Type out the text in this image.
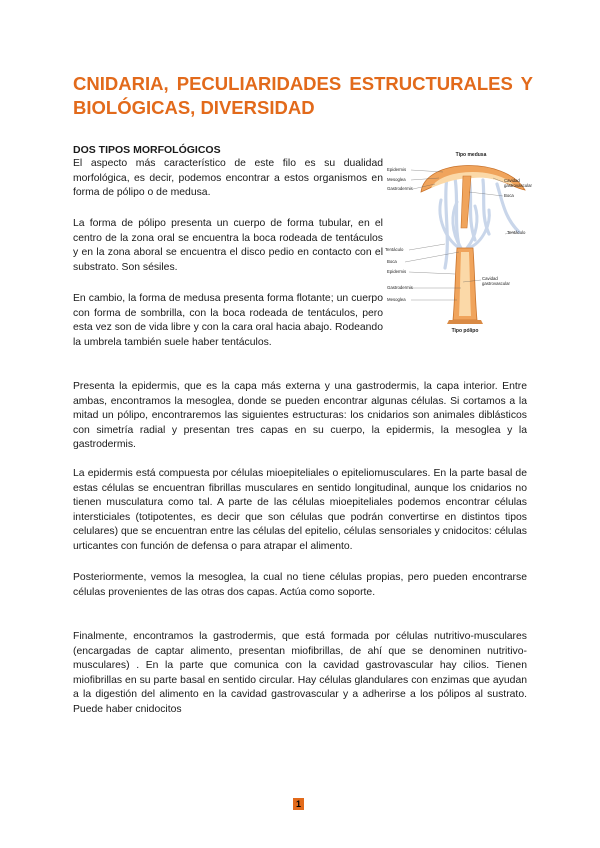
CNIDARIA, PECULIARIDADES ESTRUCTURALES Y BIOLÓGICAS, DIVERSIDAD
DOS TIPOS MORFOLÓGICOS

El aspecto más característico de este filo es su dualidad morfológica, es decir, podemos encontrar a estos organismos en forma de pólipo o de medusa.

La forma de pólipo presenta un cuerpo de forma tubular, en el centro de la zona oral se encuentra la boca rodeada de tentáculos y en la zona aboral se encuentra el disco pedio en contacto con el substrato. Son sésiles.

En cambio, la forma de medusa presenta forma flotante; un cuerpo con forma de sombrilla, con la boca rodeada de tentáculos, pero esta vez son de vida libre y con la cara oral hacia abajo. Rodeando la umbrela también suele haber tentáculos.

Presenta la epidermis, que es la capa más externa y una gastrodermis, la capa interior. Entre ambas, encontramos la mesoglea, donde se pueden encontrar algunas células. Si cortamos a la mitad un pólipo, encontraremos las siguientes estructuras: los cnidarios son animales diblásticos con simetría radial y presentan tres capas en su cuerpo, la epidermis, la mesoglea y la gastrodermis.

La epidermis está compuesta por células mioepiteliales o epiteliomusculares. En la parte basal de estas células se encuentran fibrillas musculares en sentido longitudinal, aunque los cnidarios no tienen musculatura como tal. A parte de las células mioepiteliales podemos encontrar células intersticiales (totipotentes, es decir que son células que podrán convertirse en distintos tipos celulares) que se encuentran entre las células del epitelio, células sensoriales y cnidocitos: células urticantes con función de defensa o para atrapar el alimento.

Posteriormente, vemos la mesoglea, la cual no tiene células propias, pero pueden encontrarse células provenientes de las otras dos capas. Actúa como soporte.

Finalmente, encontramos la gastrodermis, que está formada por células nutritivo-musculares (encargadas de captar alimento, presentan miofibrillas, de ahí que se denominen nutritivo-musculares) . En la parte que comunica con la cavidad gastrovascular hay cilios. Tienen miofibrillas en su parte basal en sentido circular. Hay células glandulares con enzimas que ayudan a la digestión del alimento en la cavidad gastrovascular y a adherirse a los pólipos al sustrato. Puede haber cnidocitos

Tipo medusa
Epidermis
Mesoglea
Gastrodermis
Cavidad
gastrovascular
Boca
Tentáculo
Tentáculo
Boca
Epidermis
Gastrodermis
Mesoglea
Cavidad
gastrovascular
Tipo pólipo
1
